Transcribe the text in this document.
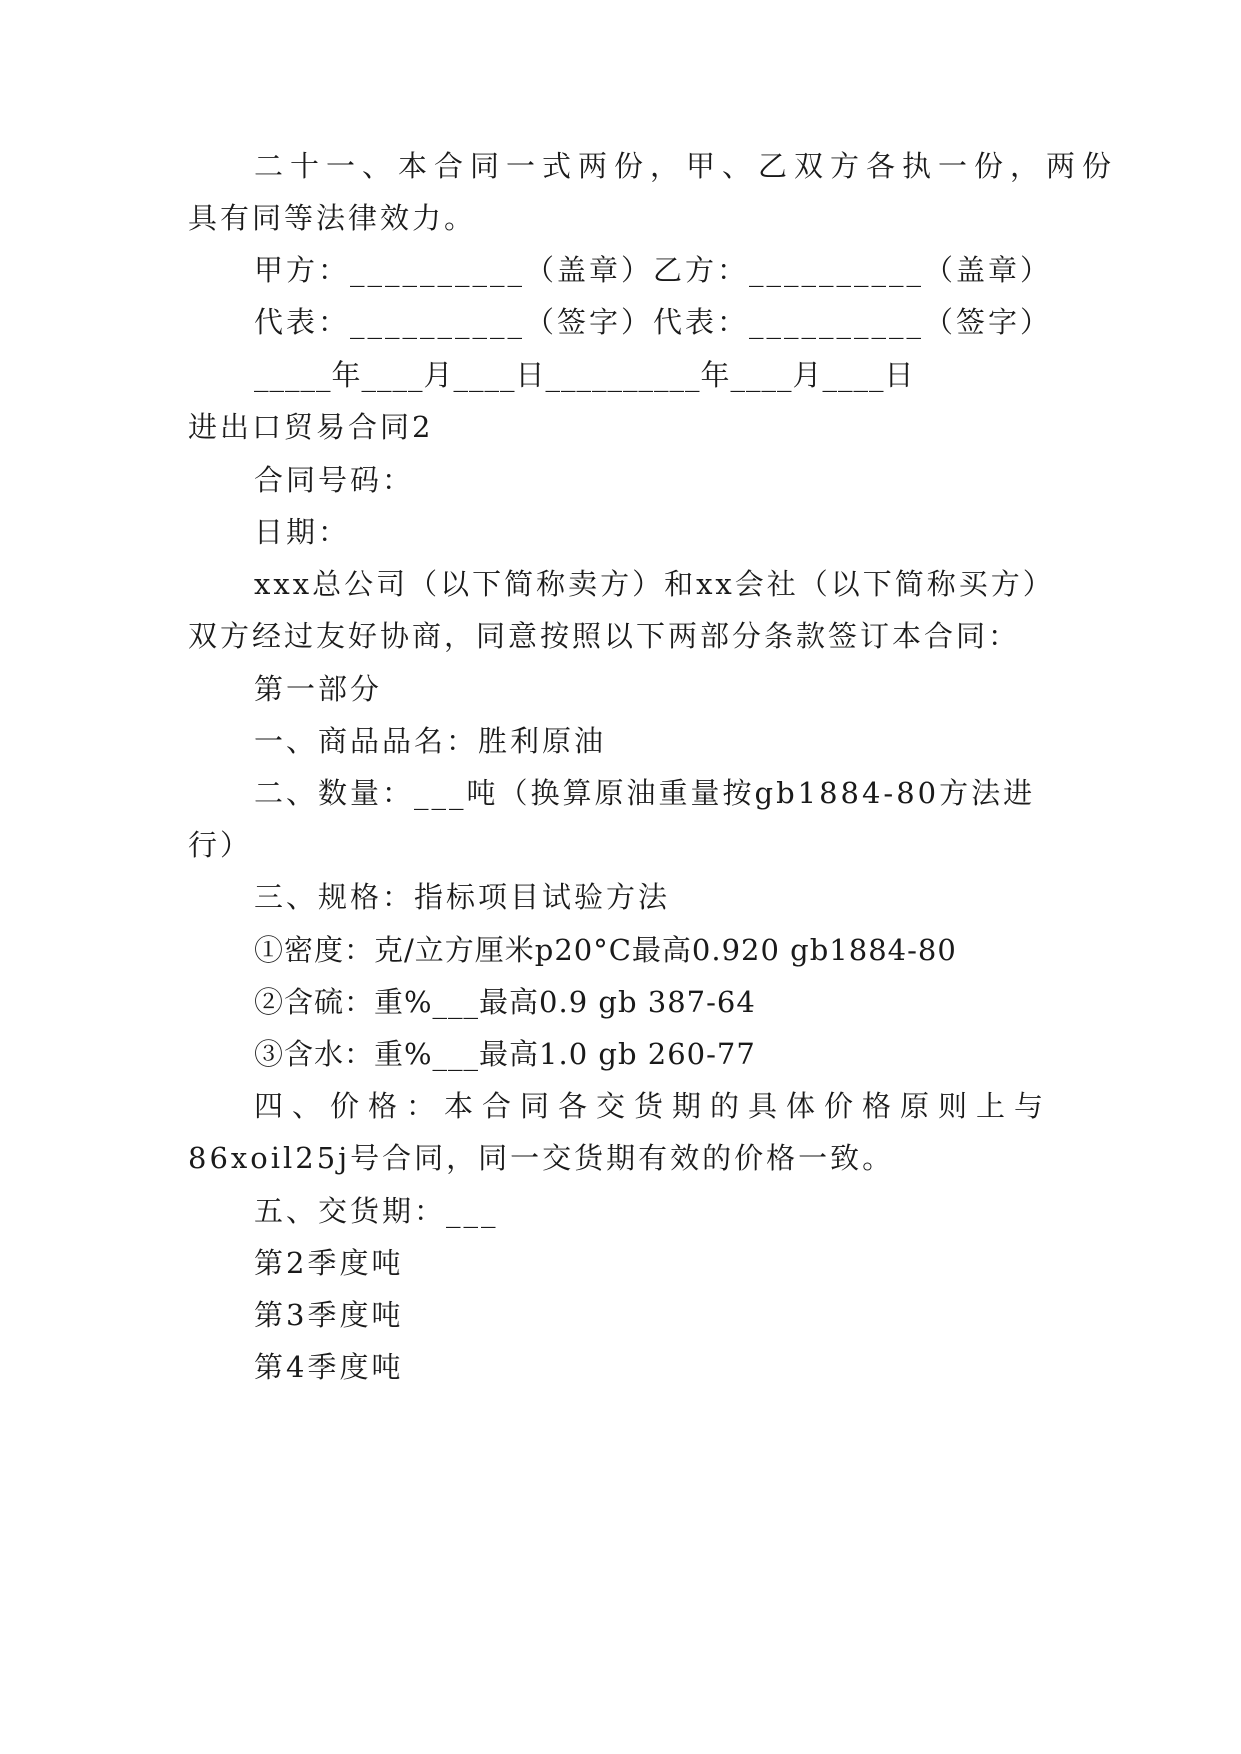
二十一、本合同一式两份，甲、乙双方各执一份，两份
具有同等法律效力。
甲方：__________（盖章）乙方：__________（盖章）
代表：__________（签字）代表：__________（签字）
_____年____月____日__________年____月____日
进出口贸易合同2
合同号码：
日期：
xxx总公司（以下简称卖方）和xx会社（以下简称买方）
双方经过友好协商，同意按照以下两部分条款签订本合同：
第一部分
一、商品品名：胜利原油
二、数量：___吨（换算原油重量按gb1884-80方法进
行）
三、规格：指标项目试验方法
①密度：克/立方厘米p20°C最高0.920 gb1884-80
②含硫：重%___最高0.9 gb 387-64
③含水：重%___最高1.0 gb 260-77
四、价格：本合同各交货期的具体价格原则上与
86xoil25j号合同，同一交货期有效的价格一致。
五、交货期：___
第2季度吨
第3季度吨
第4季度吨
